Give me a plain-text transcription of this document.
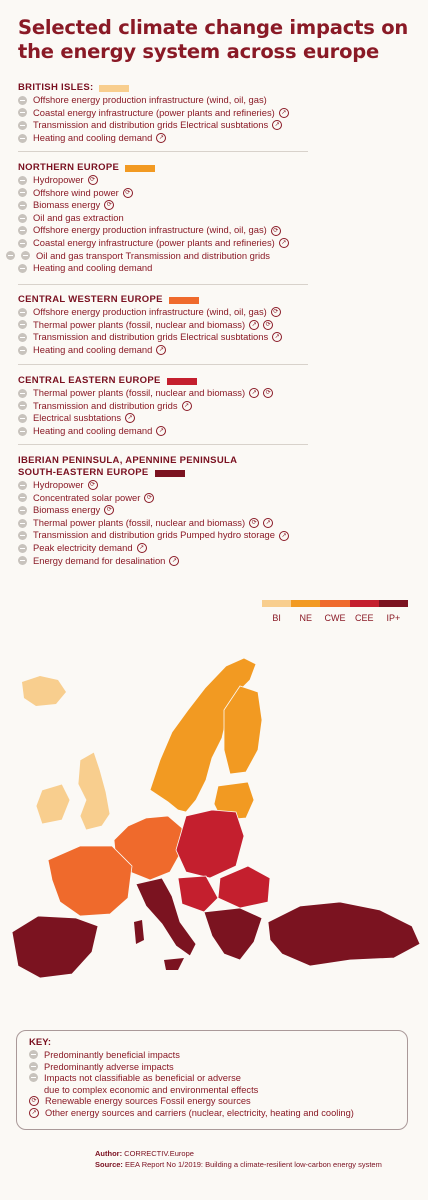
Selected climate change impacts on the energy system across europe
BRITISH ISLES:
Offshore energy production infrastructure (wind, oil, gas)
Coastal energy infrastructure (power plants and refineries)	↗
Transmission and distribution grids Electrical susbtations	↗
Heating and cooling demand	↗
NORTHERN EUROPE
Hydropower	⟳
Offshore wind power	⟳
Biomass energy	⟳
Oil and gas extraction
Offshore energy production infrastructure (wind, oil, gas)	⟳
Coastal energy infrastructure (power plants and refineries)	↗
Oil and gas transport Transmission and distribution grids
Heating and cooling demand
CENTRAL WESTERN EUROPE
Offshore energy production infrastructure (wind, oil, gas)	⟳
Thermal power plants (fossil, nuclear and biomass)	↗	⟳
Transmission and distribution grids Electrical susbtations	↗
Heating and cooling demand	↗
CENTRAL EASTERN EUROPE
Thermal power plants (fossil, nuclear and biomass)	↗	⟳
Transmission and distribution grids	↗
Electrical susbtations	↗
Heating and cooling demand	↗
IBERIAN PENINSULA, APENNINE PENINSULA
SOUTH-EASTERN EUROPE
Hydropower	⟳
Concentrated solar power	⟳
Biomass energy	⟳
Thermal power plants (fossil, nuclear and biomass)	⟳	↗
Transmission and distribution grids Pumped hydro storage	↗
Peak electricity demand	↗
Energy demand for desalination	↗
BI	NE	CWE	CEE	IP+
KEY:
Predominantly beneficial impacts
Predominantly adverse impacts
Impacts not classifiable as beneficial or adverse
due to complex economic and environmental effects
⟳ Renewable energy sources Fossil energy sources
↗ Other energy sources and carriers (nuclear, electricity, heating and cooling)
Author: CORRECTIV.Europe
Source: EEA Report No 1/2019: Building a climate-resilient low-carbon energy system
